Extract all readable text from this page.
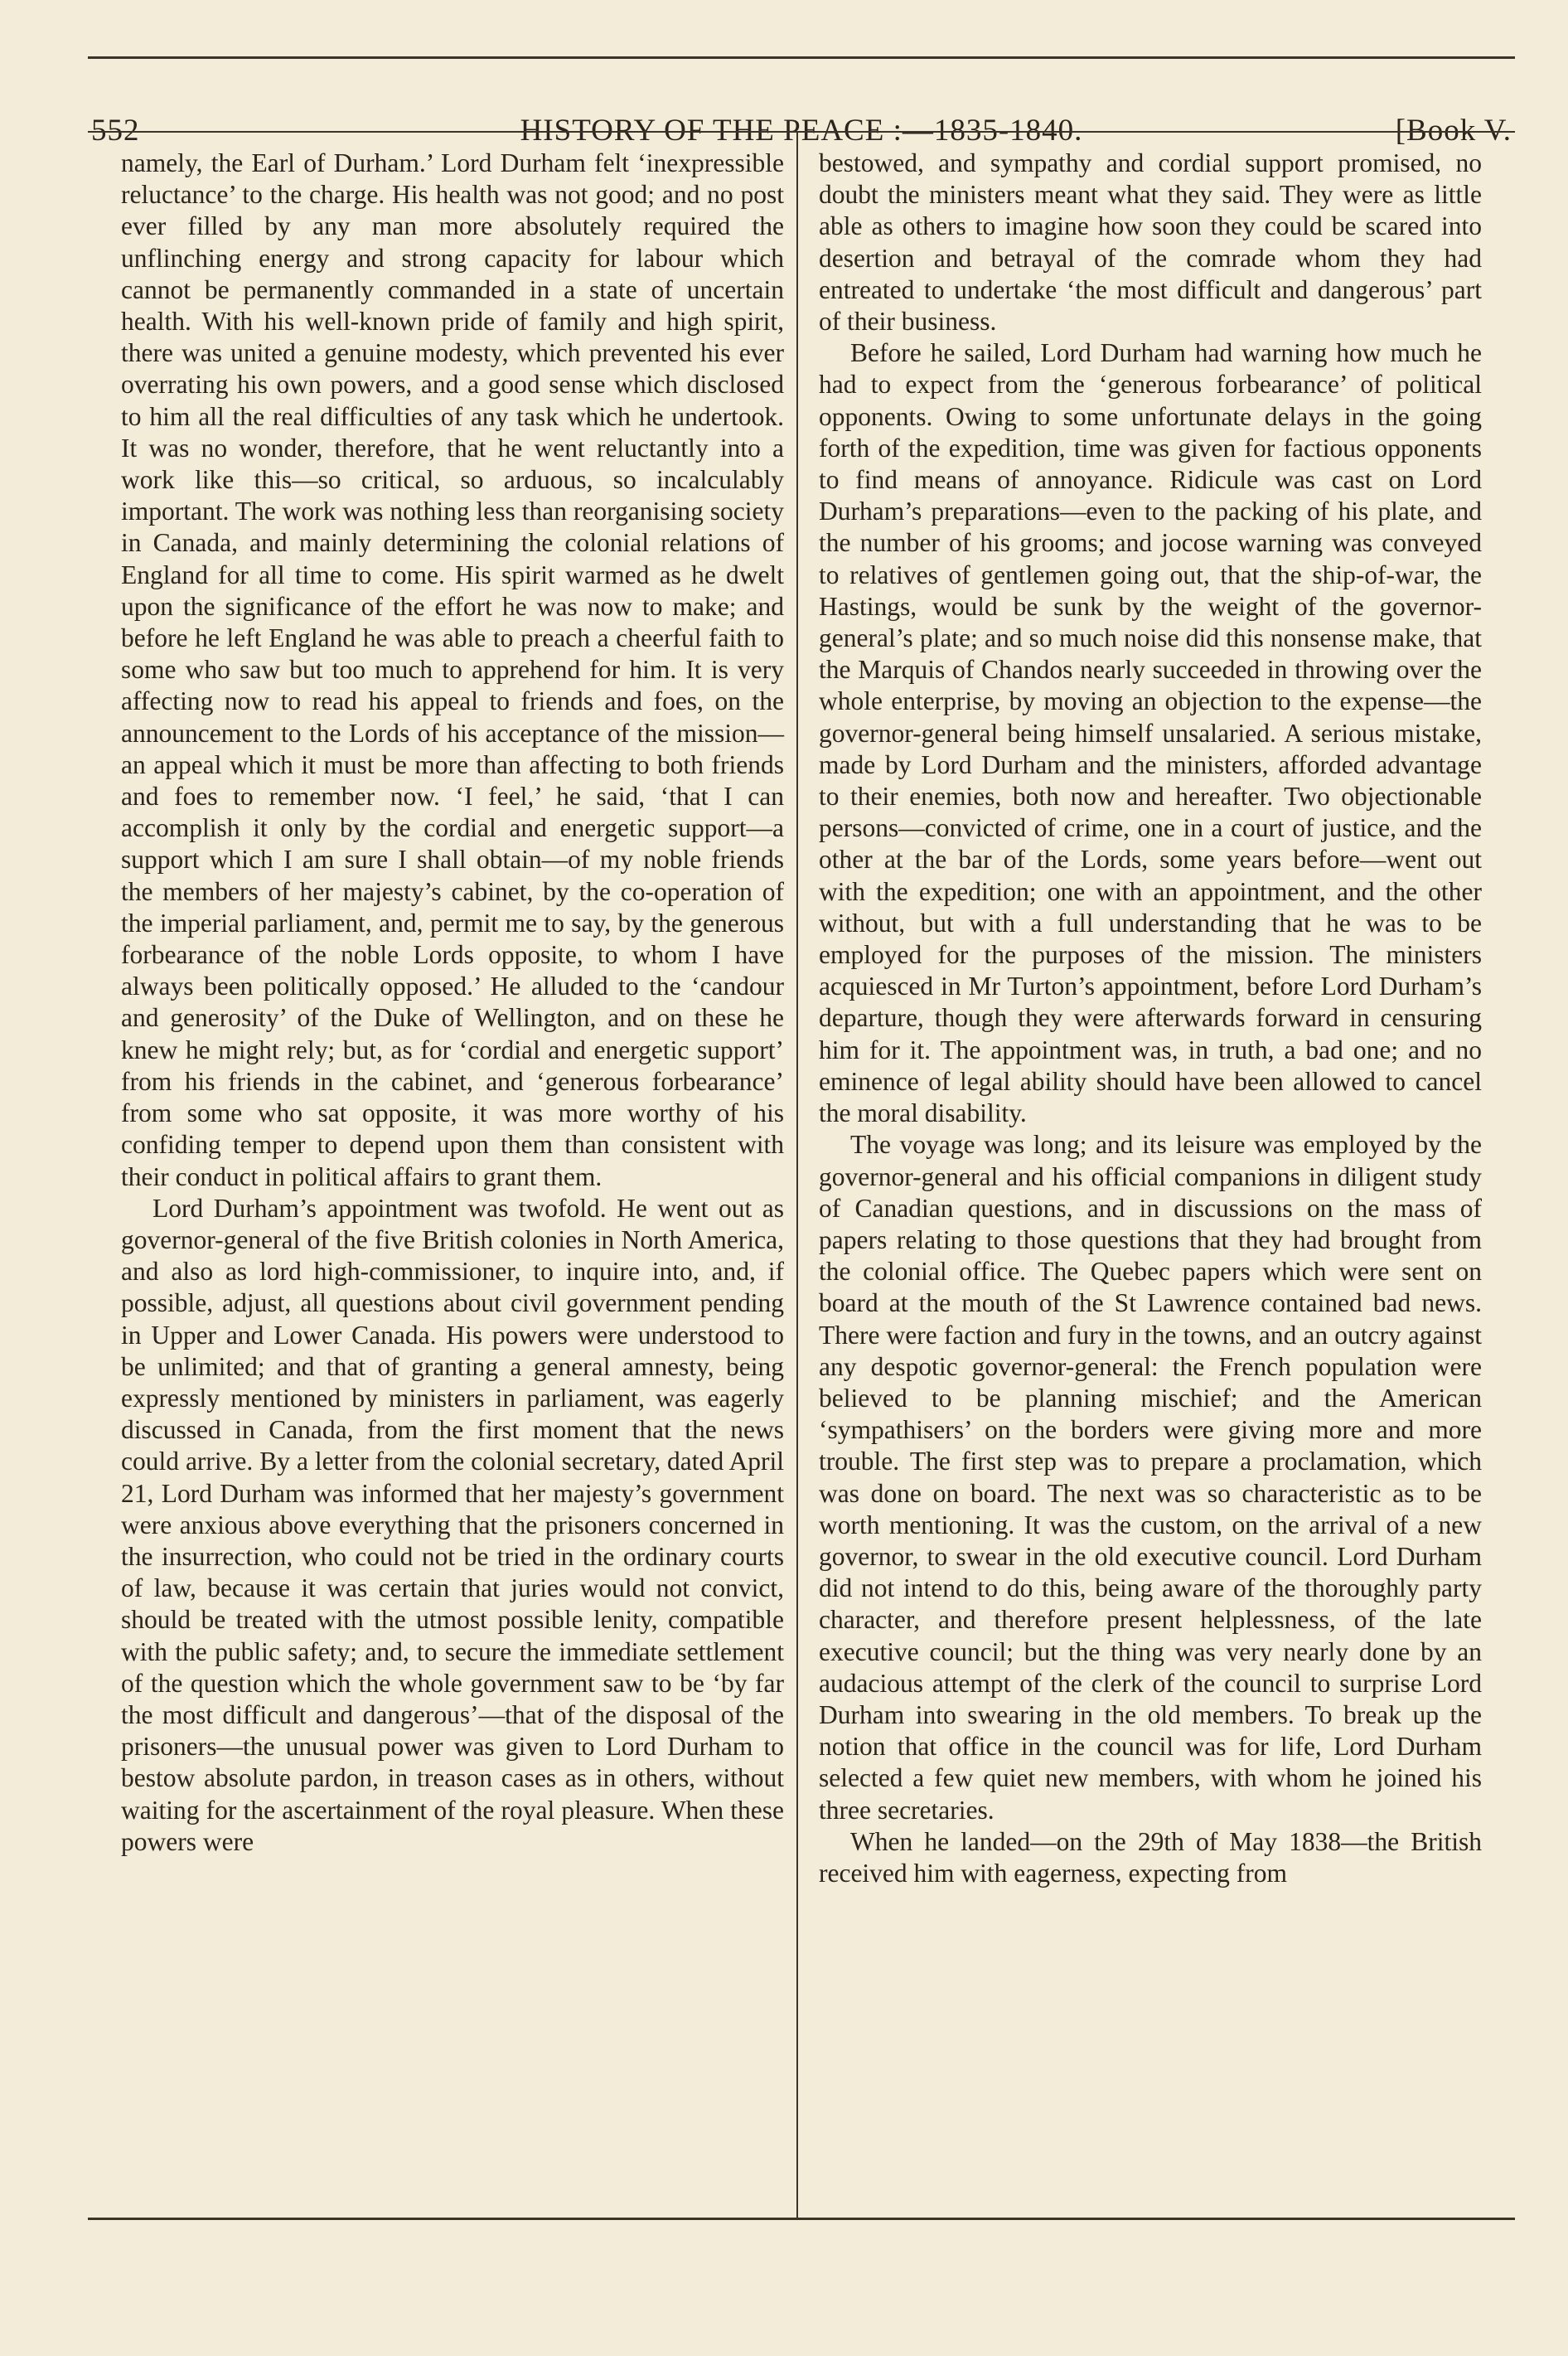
552	HISTORY OF THE PEACE :—1835-1840.	[Book V.

namely, the Earl of Durham.’ Lord Durham felt ‘inexpressible reluctance’ to the charge. His health was not good; and no post ever filled by any man more absolutely required the unflinching energy and strong capacity for labour which cannot be permanently commanded in a state of uncertain health. With his well-known pride of family and high spirit, there was united a genuine modesty, which prevented his ever overrating his own powers, and a good sense which disclosed to him all the real difficulties of any task which he undertook. It was no wonder, therefore, that he went reluctantly into a work like this—so critical, so arduous, so incalculably important. The work was nothing less than reorganising society in Canada, and mainly determining the colonial relations of England for all time to come. His spirit warmed as he dwelt upon the significance of the effort he was now to make; and before he left England he was able to preach a cheerful faith to some who saw but too much to apprehend for him. It is very affecting now to read his appeal to friends and foes, on the announcement to the Lords of his acceptance of the mission—an appeal which it must be more than affecting to both friends and foes to remember now. ‘I feel,’ he said, ‘that I can accomplish it only by the cordial and energetic support—a support which I am sure I shall obtain—of my noble friends the members of her majesty’s cabinet, by the co-operation of the imperial parliament, and, permit me to say, by the generous forbearance of the noble Lords opposite, to whom I have always been politically opposed.’ He alluded to the ‘candour and generosity’ of the Duke of Wellington, and on these he knew he might rely; but, as for ‘cordial and energetic support’ from his friends in the cabinet, and ‘generous forbearance’ from some who sat opposite, it was more worthy of his confiding temper to depend upon them than consistent with their conduct in political affairs to grant them.

Lord Durham’s appointment was twofold. He went out as governor-general of the five British colonies in North America, and also as lord high-commissioner, to inquire into, and, if possible, adjust, all questions about civil government pending in Upper and Lower Canada. His powers were understood to be unlimited; and that of granting a general amnesty, being expressly mentioned by ministers in parliament, was eagerly discussed in Canada, from the first moment that the news could arrive. By a letter from the colonial secretary, dated April 21, Lord Durham was informed that her majesty’s government were anxious above everything that the prisoners concerned in the insurrection, who could not be tried in the ordinary courts of law, because it was certain that juries would not convict, should be treated with the utmost possible lenity, compatible with the public safety; and, to secure the immediate settlement of the question which the whole government saw to be ‘by far the most difficult and dangerous’—that of the disposal of the prisoners—the unusual power was given to Lord Durham to bestow absolute pardon, in treason cases as in others, without waiting for the ascertainment of the royal pleasure. When these powers were

bestowed, and sympathy and cordial support promised, no doubt the ministers meant what they said. They were as little able as others to imagine how soon they could be scared into desertion and betrayal of the comrade whom they had entreated to undertake ‘the most difficult and dangerous’ part of their business.

Before he sailed, Lord Durham had warning how much he had to expect from the ‘generous forbearance’ of political opponents. Owing to some unfortunate delays in the going forth of the expedition, time was given for factious opponents to find means of annoyance. Ridicule was cast on Lord Durham’s preparations—even to the packing of his plate, and the number of his grooms; and jocose warning was conveyed to relatives of gentlemen going out, that the ship-of-war, the Hastings, would be sunk by the weight of the governor-general’s plate; and so much noise did this nonsense make, that the Marquis of Chandos nearly succeeded in throwing over the whole enterprise, by moving an objection to the expense—the governor-general being himself unsalaried. A serious mistake, made by Lord Durham and the ministers, afforded advantage to their enemies, both now and hereafter. Two objectionable persons—convicted of crime, one in a court of justice, and the other at the bar of the Lords, some years before—went out with the expedition; one with an appointment, and the other without, but with a full understanding that he was to be employed for the purposes of the mission. The ministers acquiesced in Mr Turton’s appointment, before Lord Durham’s departure, though they were afterwards forward in censuring him for it. The appointment was, in truth, a bad one; and no eminence of legal ability should have been allowed to cancel the moral disability.

The voyage was long; and its leisure was employed by the governor-general and his official companions in diligent study of Canadian questions, and in discussions on the mass of papers relating to those questions that they had brought from the colonial office. The Quebec papers which were sent on board at the mouth of the St Lawrence contained bad news. There were faction and fury in the towns, and an outcry against any despotic governor-general: the French population were believed to be planning mischief; and the American ‘sympathisers’ on the borders were giving more and more trouble. The first step was to prepare a proclamation, which was done on board. The next was so characteristic as to be worth mentioning. It was the custom, on the arrival of a new governor, to swear in the old executive council. Lord Durham did not intend to do this, being aware of the thoroughly party character, and therefore present helplessness, of the late executive council; but the thing was very nearly done by an audacious attempt of the clerk of the council to surprise Lord Durham into swearing in the old members. To break up the notion that office in the council was for life, Lord Durham selected a few quiet new members, with whom he joined his three secretaries.

When he landed—on the 29th of May 1838—the British received him with eagerness, expecting from
